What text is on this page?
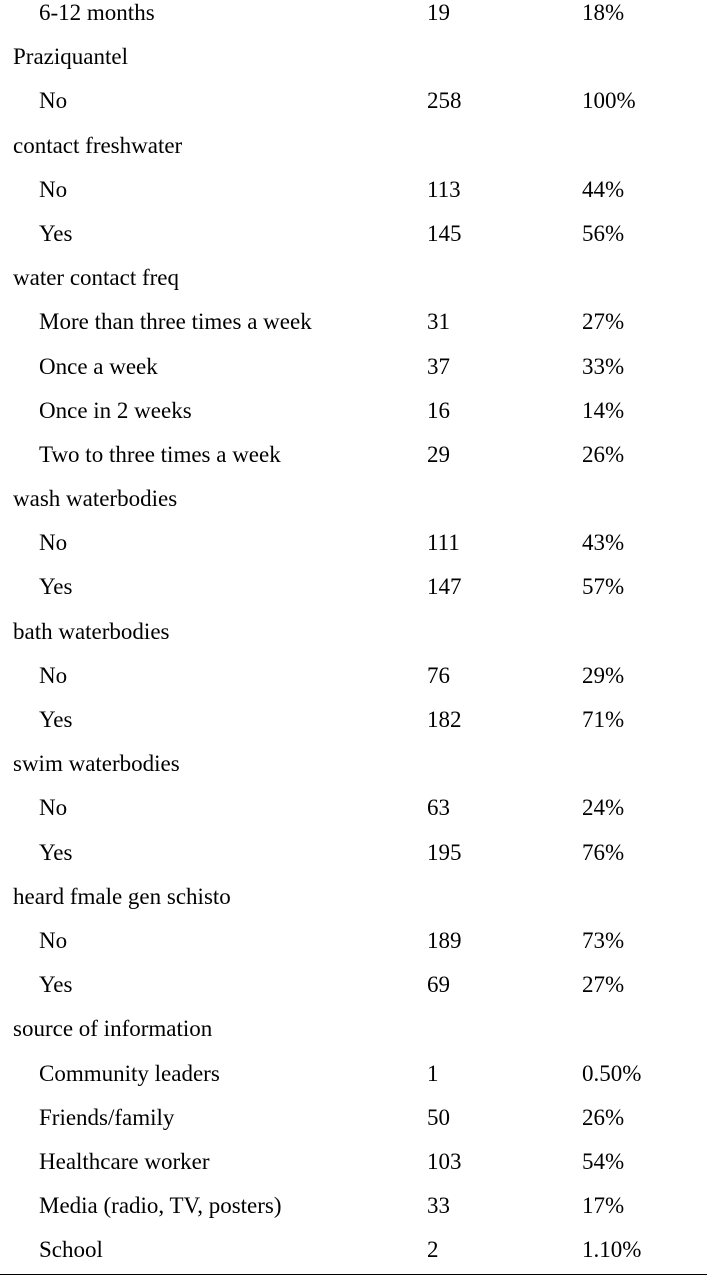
6-12 months	19	18%
Praziquantel
No	258	100%
contact freshwater
No	113	44%
Yes	145	56%
water contact freq
More than three times a week	31	27%
Once a week	37	33%
Once in 2 weeks	16	14%
Two to three times a week	29	26%
wash waterbodies
No	111	43%
Yes	147	57%
bath waterbodies
No	76	29%
Yes	182	71%
swim waterbodies
No	63	24%
Yes	195	76%
heard fmale gen schisto
No	189	73%
Yes	69	27%
source of information
Community leaders	1	0.50%
Friends/family	50	26%
Healthcare worker	103	54%
Media (radio, TV, posters)	33	17%
School	2	1.10%
